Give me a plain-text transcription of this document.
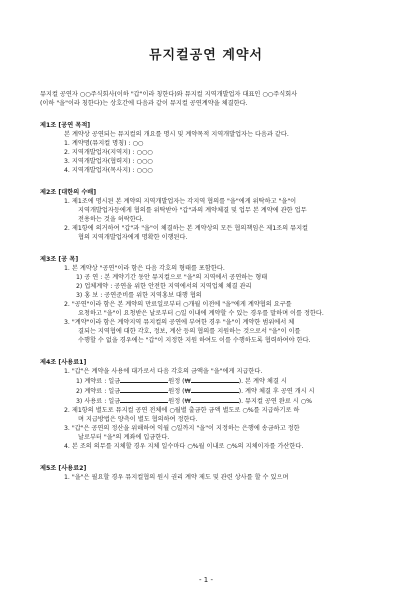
뮤지컬공연 계약서

뮤지컬 공연자 ○○주식회사(이하 "갑"이라 칭한다)와 뮤지컬 지역개발업자 대표인 ○○주식회사

(이하 "을"이라 칭한다)는 상호간에 다음과 같이 뮤지컬 공연계약을 체결한다.

제1조 [공연 목적]

본 계약상 공연되는 뮤지컬의 개요를 명시 및 계약목적 지역개발업자는 다음과 같다.

1. 계약명(뮤지컬 명칭) : ○○

2. 지역개발업자(지역지) : ○○○

3. 지역개발업자(협력지) : ○○○

4. 지역개발업자(목사지) : ○○○

제2조 [대한의 수배]

1. 제1조에 명시된 본 계약의 지역개발업자는 각지역 협의를 "을"에게 위탁하고 "을"이

지역개발업자등에게 협의를 위탁받아 "갑"과의 계약체결 및 업무 본 계약에 관한 업무

전용하는 것을 허락한다.

2. 제1항에 의거하여 "갑"과 "을"이 체결하는 본 계약상의 모든 협의책임은 제1조의 뮤지컬

협의 지역개발업자에게 명확한 이행된다.

제3조 [공 목]

1. 본 계약상 "공연"이라 함은 다음 각호의 형태를 포함한다.

1) 공 연 : 본 계약기간 동안 뮤지컬으로 "을"의 지역에서 공연하는 형태

2) 업체계약 : 공연을 위한 안전한 지역에서의 지역업체 체결 관리

3) 홍 보 : 공연준비를 위한 지역홍보 대행 협의

2. "공연"이라 함은 본 계약의 만료일로부터 ○개월 이전에 "을"에게 계약협의 요구를

요청하고 "을"이 요청받은 날로부터 ○일 이내에 계약할 수 있는 경우를 말하며 이를 정한다.

3. "계약"이라 함은 계약지역 뮤지컬의 공연에 부여한 경우 "을"이 계약한 범위에서 체

결되는 지역협에 대한 각호, 정보, 계산 등의 협의를 지원하는 것으로서 "을"이 이를

수행할 수 없을 경우에는 "갑"이 지정한 지원 하여도 이를 수행하도록 협력하여야 한다.

제4조 [사용료1]

1. "갑"은 계약을 사용에 대가로서 다음 각호의 금액을 "을"에게 지급한다.

1) 계약료 : 일금	원정 (₩	). 본 계약 체결 시

2) 계약료 : 일금	원정 (₩	). 계약 체결 후 공연 개시 시

3) 사용료 : 일금	원정 (₩	). 뮤지컬 공연 완료 시 ○%

2. 제1항의 별도로 뮤지컬 공연 전체에 ○월별 출금한 금액 별도로 ○%를 지급하기로 하

며 지급방법은 양측이 별도 협의하여 정한다.

3. "갑"은 공연의 정산을 위해하여 익월 ○일까지 "을"이 지정하는 은행에 송금하고 정한

날로부터 "을"의 계좌에 입금한다.

4. 본 조의 의무를 지체할 경우 지체 일수마다 ○%월 이내로 ○%의 지체이자를 가산한다.

제5조 [사용료2]

1. "을"은 필요할 경우 뮤지컬협의 원시 권리 계약 제도 및 관련 상사를 할 수 있으며

- 1 -
